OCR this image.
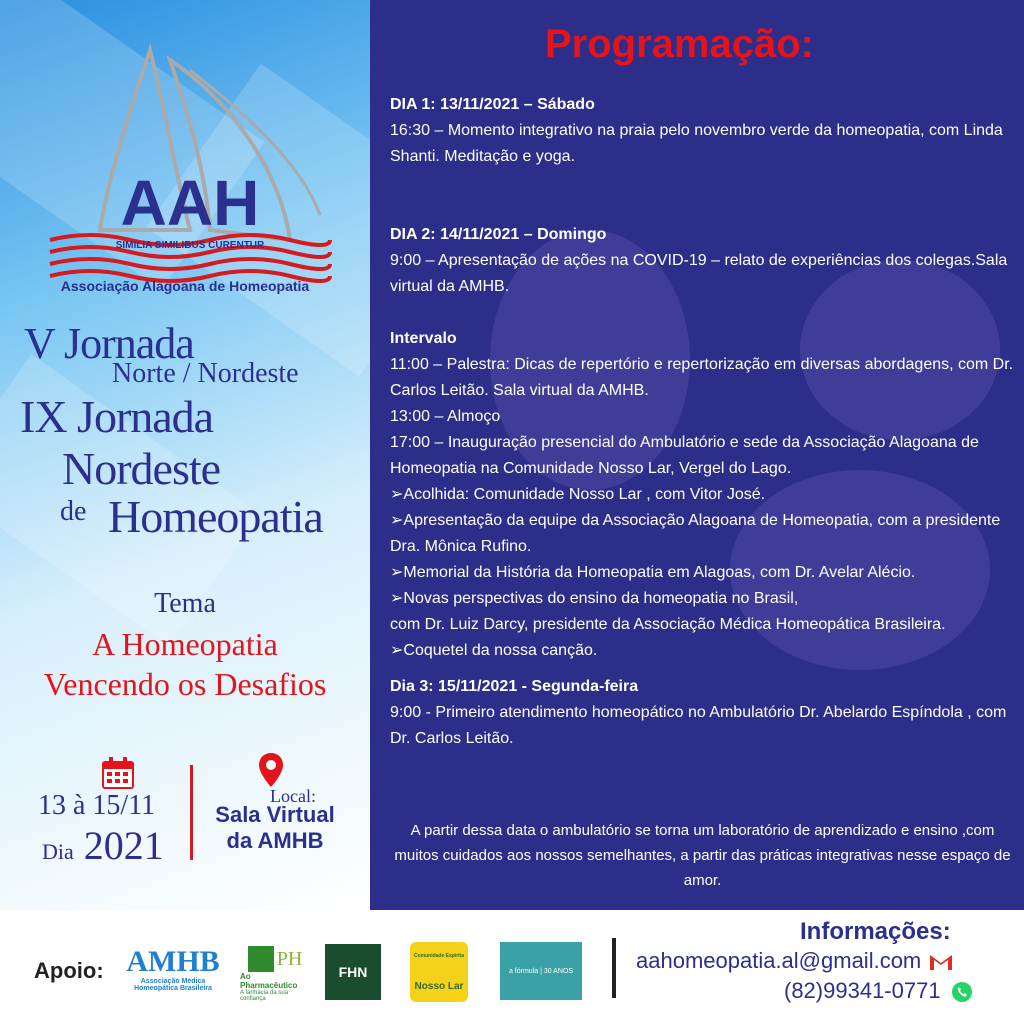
AAH
SIMILIA SIMILIBUS CURENTUR
Associação Alagoana de Homeopatia
V Jornada
Norte / Nordeste
IX Jornada
Nordeste
de Homeopatia
Tema
A Homeopatia
Vencendo os Desafios
13 à 15/11
Dia 2021
Local:
Sala Virtual
da AMHB
Programação:
DIA 1: 13/11/2021 – Sábado
16:30 – Momento integrativo na praia pelo novembro verde da homeopatia, com Linda Shanti. Meditação e yoga.
DIA 2: 14/11/2021 – Domingo
9:00 – Apresentação de ações na COVID-19 – relato de experiências dos colegas.Sala virtual da AMHB.
Intervalo
11:00 – Palestra: Dicas de repertório e repertorização em diversas abordagens, com Dr. Carlos Leitão. Sala virtual da AMHB.
13:00 – Almoço
17:00 – Inauguração presencial do Ambulatório e sede da Associação Alagoana de Homeopatia na Comunidade Nosso Lar, Vergel do Lago.
➢Acolhida: Comunidade Nosso Lar , com Vitor José.
➢Apresentação da equipe da Associação Alagoana de Homeopatia, com a presidente Dra. Mônica Rufino.
➢Memorial da História da Homeopatia em Alagoas, com Dr. Avelar Alécio.
➢Novas perspectivas do ensino da homeopatia no Brasil,
com Dr. Luiz Darcy, presidente da Associação Médica Homeopática Brasileira.
➢Coquetel da nossa canção.
Dia 3: 15/11/2021 - Segunda-feira
9:00 - Primeiro atendimento homeopático no Ambulatório Dr. Abelardo Espíndola , com Dr. Carlos Leitão.
A partir dessa data o ambulatório se torna um laboratório de aprendizado e ensino ,com muitos cuidados aos nossos semelhantes, a partir das práticas integrativas nesse espaço de amor.
Apoio: AMHB
Associação Médica Homeopática Brasileira
PH
Ao Pharmacêutico
A farmácia da sua confiança
FHN
Comunidade Espírita
Nosso Lar
a fórmula | 30 ANOS
Informações:
aahomeopatia.al@gmail.com
(82)99341-0771
